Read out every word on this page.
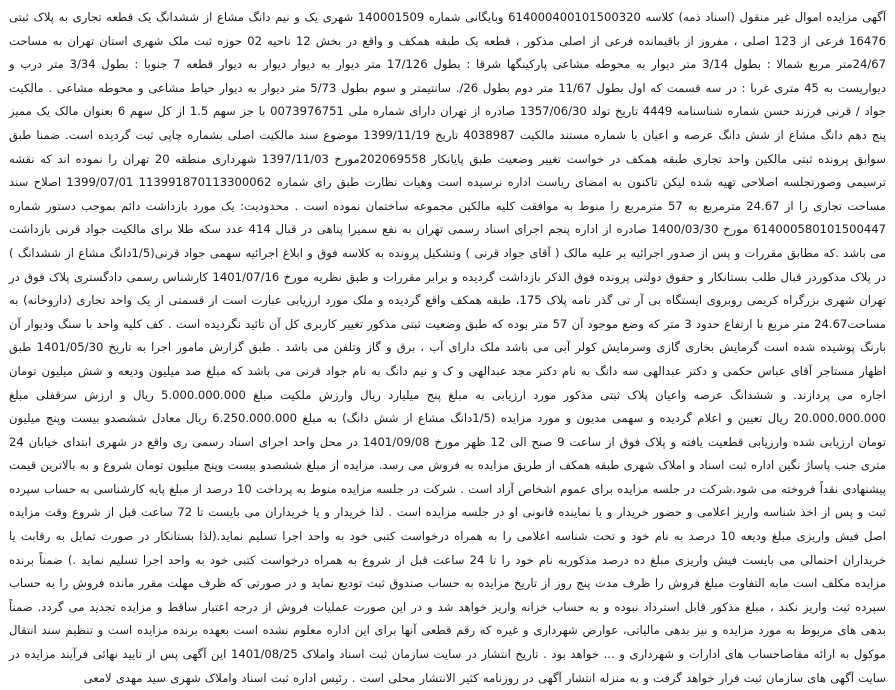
آگهی مزایده اموال غیر منقول (اسناد ذمه) کلاسه 14000400101500320‏6 وبایگانی شماره 140001509 شهری یک و نیم دانگ مشاع از ششدانگ یک قطعه تجاری به پلاک ثبتی 16476 فرعی از 123 اصلی ، مفروز از باقیمانده فرعی از اصلی مذکور ، قطعه یک طبقه همکف و واقع در بخش 12 ناحیه 02 حوزه ثبت ملک شهری استان تهران به مساحت 24/67متر مربع شمالا : بطول 3/14 متر دیوار به محوطه مشاعی پارکینگها شرقا : بطول 17/126 متر دیوار به دیوار دیوار به دیوار قطعه 7 جنوبا : بطول 3/34 متر درب و دیواریست به 45 متری غربا : در سه قسمت که اول بطول 11/67 متر دوم بطول 26/. سانتیمتر و سوم بطول 5/73 متر دیوار به دیوار حیاط مشاعی و محوطه مشاعی . مالکیت جواد / قرنی فرزند حسن شماره شناسنامه 4449 تاریخ تولد 1357/06/30 صادره از تهران دارای شماره ملی 0073976751 با جز سهم 1.5 از کل سهم 6 بعنوان مالک یک ممیز پنج دهم دانگ مشاع از شش دانگ عرصه و اعیان با شماره مستند مالکیت 4038987 تاریخ 1399/11/19 موضوع سند مالکیت اصلی بشماره چاپی ثبت گردیده است. ضمنا طبق سوابق پرونده ثبتی مالکین واحد تجاری طبقه همکف در خواست تغییر وضعیت طبق پایانکار 202069558مورخ 1397/11/03 شهرداری منطقه 20 تهران را نموده اند که نقشه ترسیمی وصورتجلسه اصلاحی تهیه شده لیکن تاکنون به امضای ریاست اداره نرسیده است وهیات نظارت طبق رای شماره 13991870113300062‏1 1399/07/01 اصلاح سند مساحت تجاری را از 24.67 مترمربع به 57 مترمربع را منوط به موافقت کلیه مالکین مجموعه ساختمان نموده است . محدودیت: یک مورد بازداشت دائم بموجب دستور شماره 14000580101500447‏6 مورخ 1400/03/30 صادره از اداره پنجم اجرای اسناد رسمی تهران به نفع سمیرا پناهی در قبال 414 عدد سکه طلا برای مالکیت جواد قرنی بازداشت می باشد .که مطابق مقررات و پس از صدور اجرائیه بر علیه مالک ( آقای جواد قرنی ) وتشکیل پرونده به کلاسه فوق و ابلاغ اجرائیه سهمی جواد قرنی(1/5دانگ مشاع از ششدانگ ) در پلاک مذکوردر قبال طلب بستانکار و حقوق دولتی پرونده فوق الذکر بازداشت گردیده و برابر مقررات و طبق نظریه مورخ 1401/07/16 کارشناس رسمی دادگستری پلاک فوق در تهران شهری بزرگراه کریمی روبروی ایستگاه بی آر تی گذر نامه پلاک 175، طبقه همکف واقع گردیده و ملک مورد ارزیابی عبارت است از قسمتی از یک واحد تجاری (داروخانه) به مساحت24.67 متر مربع با ارتفاع حدود 3 متر که وضع موجود آن 57 متر بوده که طبق وضعیت ثبتی مذکور تغییر کاربری کل آن تائید نگردیده است . کف کلیه واحد با سنگ ودیوار آن بارنگ پوشیده شده است گرمایش بخاری گازی وسرمایش کولر آبی می باشد ملک دارای آب ، برق و گاز وتلفن می باشد . طبق گزارش مامور اجرا به تاریخ 1401/05/30 طبق اظهار مستاجر آقای عباس حکمی و دکتر عبدالهی سه دانگ به نام دکتر مجد عبدالهی و ک و نیم دانگ به نام جواد قرنی می باشد که مبلغ صد میلیون ودیعه و شش میلیون تومان اجاره می پردازند. و ششدانگ عرصه واعیان پلاک ثبتی مذکور مورد ارزیابی به مبلغ پنج میلیارد ریال وارزش ملکیت مبلغ 5.000.000.000 ریال و ارزش سرقفلی مبلغ 20.000.000.000 ریال تعیین و اعلام گردیده و سهمی مدیون و مورد مزایده (1/5دانگ مشاع از شش دانگ) به مبلغ 6.250.000.000 ریال معادل ششصدو بیست وپنج میلیون تومان ارزیابی شده وارزیابی قطعیت یافته و پلاک فوق از ساعت 9 صبح الی 12 ظهر مورخ 1401/09/08 در محل واحد اجرای اسناد رسمی ری واقع در شهری ابتدای خیابان 24 متری جنب پاساژ نگین اداره ثبت اسناد و املاک شهری طبقه همکف از طریق مزایده به فروش می رسد. مزایده از مبلغ ششصدو بیست وپنج میلیون تومان شروع و به بالاترین قیمت پیشنهادی نقداً فروخته می شود.شرکت در جلسه مزایده برای عموم اشخاص آزاد است . شرکت در جلسه مزایده منوط به پرداخت 10 درصد از مبلغ پایه کارشناسی به حساب سپرده ثبت و پس از اخذ شناسه واریز اعلامی و حضور خریدار و یا نماینده قانونی او در جلسه مزایده است . لذا خریدار و یا خریداران می بایست تا 72 ساعت قبل از شروع وقت مزایده اصل فیش واریزی مبلغ ودیعه 10 درصد به نام خود و تحت شناسه اعلامی را به همراه درخواست کتبی خود به واحد اجرا تسلیم نماید.(لذا بستانکار در صورت تمایل به رقابت یا خریداران احتمالی می بایست فیش واریزی مبلغ ده درصد مذکوربه نام خود را تا 24 ساعت قبل از شروع به همراه درخواست کتبی خود به واحد اجرا تسلیم نماید .) ضمناً برنده مزایده مکلف است مابه التفاوت مبلغ فروش را ظرف مدت پنج روز از تاریخ مزایده به حساب صندوق ثبت تودیع نماید و در صورتی که ظرف مهلت مقرر مانده فروش را به حساب سپرده ثبت واریز نکند ، مبلغ مذکور قابل استرداد نبوده و به حساب خزانه واریز خواهد شد و در این صورت عملیات فروش از درجه اعتبار ساقط و مزایده تجدید می گردد. ضمناً بدهی های مربوط به مورد مزایده و نیز بدهی مالیاتی، عوارض شهرداری و غیره که رقم قطعی آنها برای این اداره معلوم نشده است بعهده برنده مزایده است و تنظیم سند انتقال موکول به ارائه مفاصاحساب های ادارات و شهرداری و ... خواهد بود . تاریخ انتشار در سایت سازمان ثبت اسناد واملاک 1401/08/25 این آگهی پس از تایید نهائی فرآیند مزایده در سایت آگهی های سازمان ثبت قرار خواهد گرفت و به منزله انتشار آگهی در روزنامه کثیر الانتشار محلی است . رئیس اداره ثبت اسناد واملاک شهری سید مهدی لامعی
